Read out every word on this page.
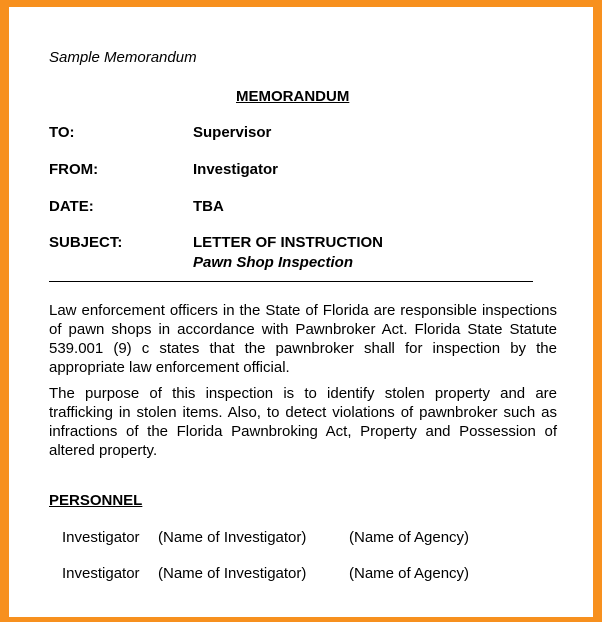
Sample Memorandum
MEMORANDUM
TO:	Supervisor
FROM:	Investigator
DATE:	TBA
SUBJECT:	LETTER OF INSTRUCTION
Pawn Shop Inspection
Law enforcement officers in the State of Florida are responsible inspections of pawn shops in accordance with Pawnbroker Act. Florida State Statute 539.001 (9) c states that the pawnbroker shall for inspection by the appropriate law enforcement official.
The purpose of this inspection is to identify stolen property and are trafficking in stolen items. Also, to detect violations of pawnbroker such as infractions of the Florida Pawnbroking Act, Property and Possession of altered property.
PERSONNEL
Investigator (Name of Investigator)	(Name of Agency)
Investigator (Name of Investigator)	(Name of Agency)
